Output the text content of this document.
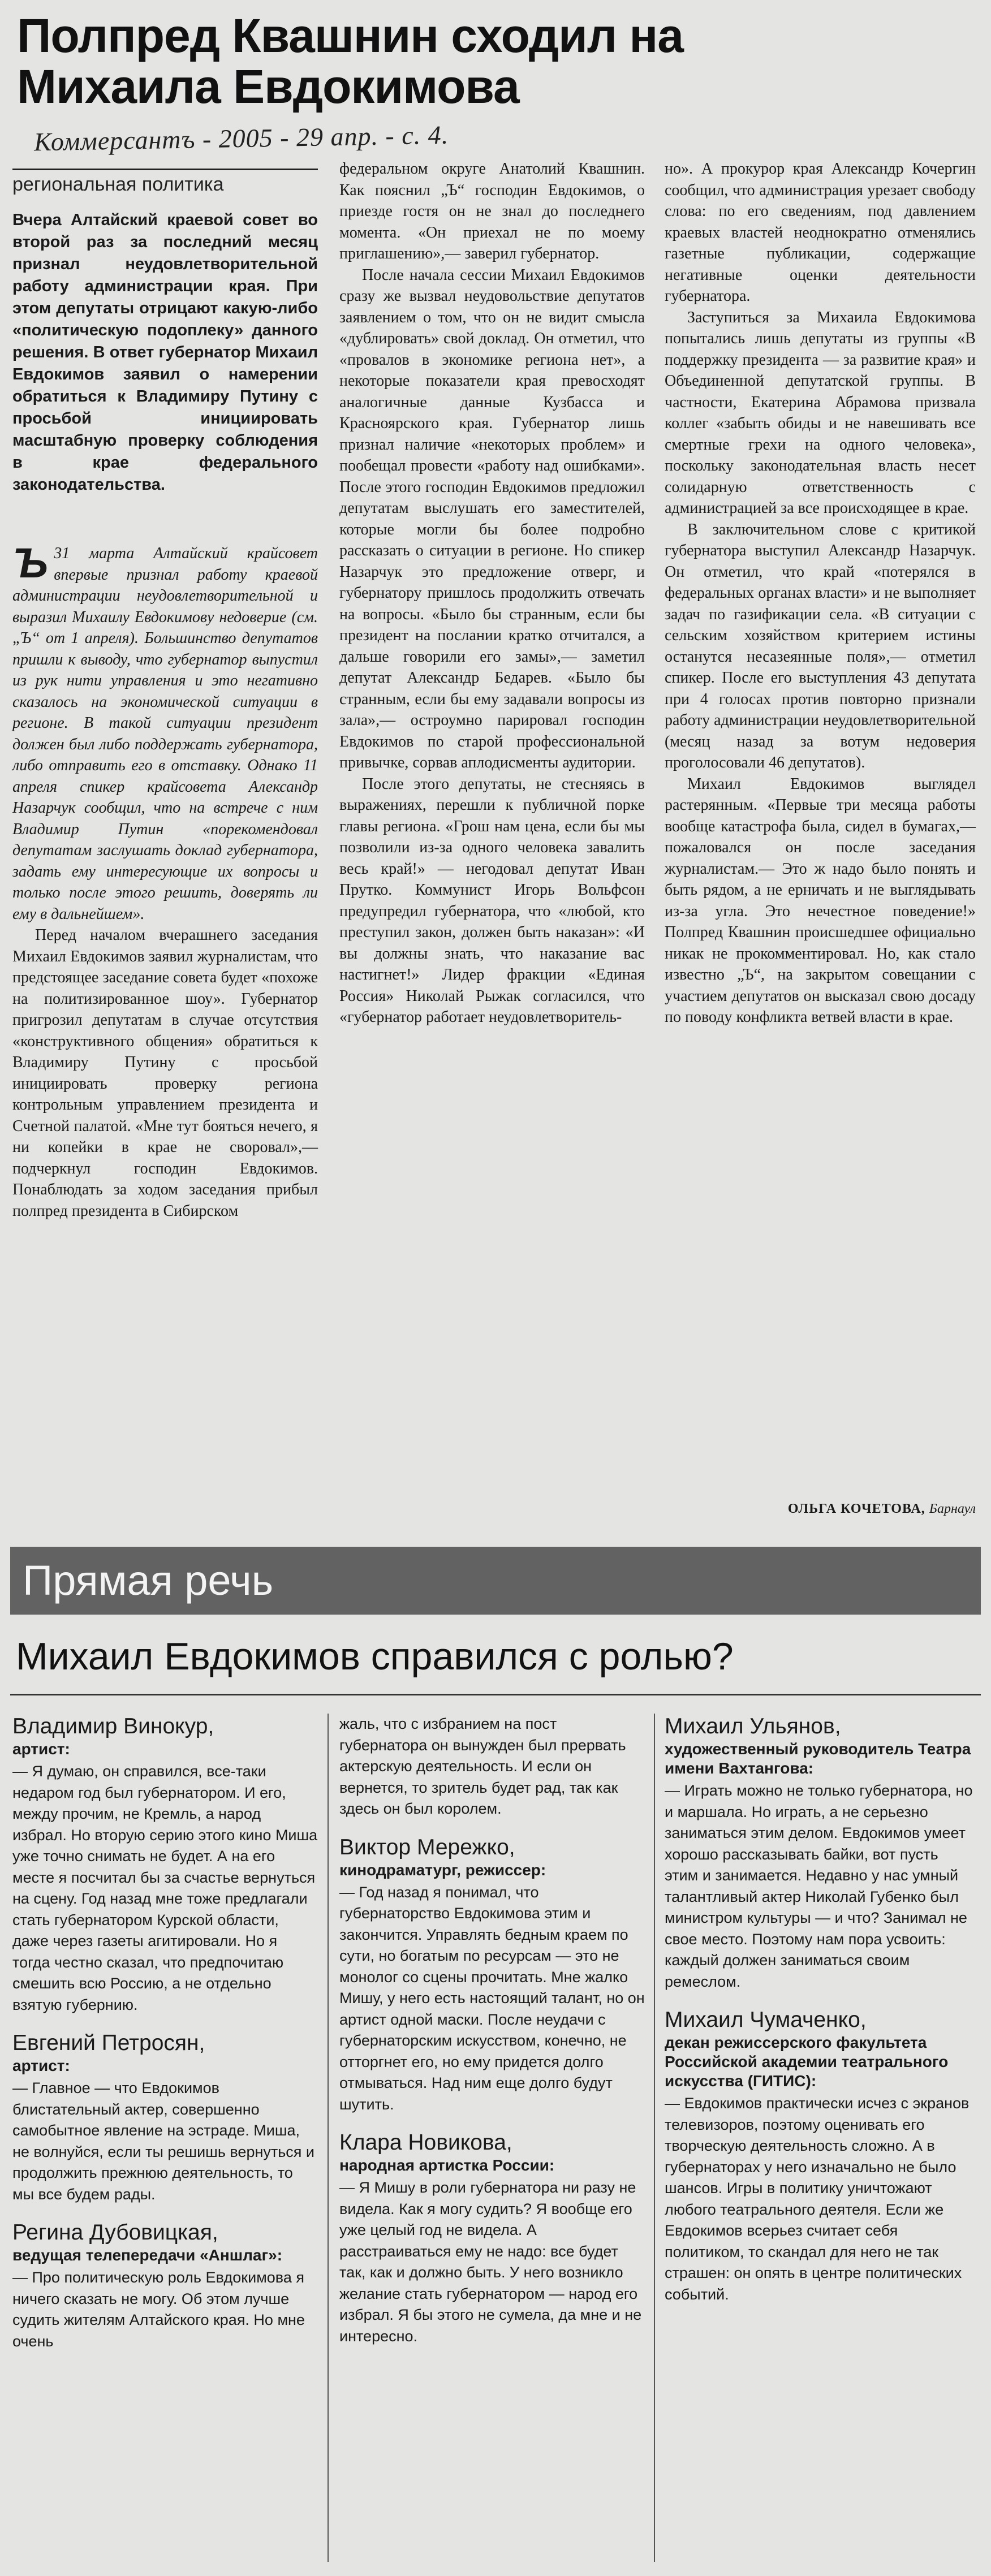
Полпред Квашнин сходил на Михаила Евдокимова
Коммерсантъ - 2005 - 29 апр. - с. 4.
региональная политика

Вчера Алтайский краевой совет во второй раз за последний месяц признал неудовлетворительной работу администрации края. При этом депутаты отрицают какую-либо «политическую подоплеку» данного решения. В ответ губернатор Михаил Евдокимов заявил о намерении обратиться к Владимиру Путину с просьбой инициировать масштабную проверку соблюдения в крае федерального законодательства.

Ъ 31 марта Алтайский крайсовет впервые признал работу краевой администрации неудовлетворительной и выразил Михаилу Евдокимову недоверие (см. „Ъ“ от 1 апреля). Большинство депутатов пришли к выводу, что губернатор выпустил из рук нити управления и это негативно сказалось на экономической ситуации в регионе. В такой ситуации президент должен был либо поддержать губернатора, либо отправить его в отставку. Однако 11 апреля спикер крайсовета Александр Назарчук сообщил, что на встрече с ним Владимир Путин «порекомендовал депутатам заслушать доклад губернатора, задать ему интересующие их вопросы и только после этого решить, доверять ли ему в дальнейшем».

Перед началом вчерашнего заседания Михаил Евдокимов заявил журналистам, что предстоящее заседание совета будет «похоже на политизированное шоу». Губернатор пригрозил депутатам в случае отсутствия «конструктивного общения» обратиться к Владимиру Путину с просьбой инициировать проверку региона контрольным управлением президента и Счетной палатой. «Мне тут бояться нечего, я ни копейки в крае не своровал»,— подчеркнул господин Евдокимов. Понаблюдать за ходом заседания прибыл полпред президента в Сибирском

федеральном округе Анатолий Квашнин. Как пояснил „Ъ“ господин Евдокимов, о приезде гостя он не знал до последнего момента. «Он приехал не по моему приглашению»,— заверил губернатор.

После начала сессии Михаил Евдокимов сразу же вызвал неудовольствие депутатов заявлением о том, что он не видит смысла «дублировать» свой доклад. Он отметил, что «провалов в экономике региона нет», а некоторые показатели края превосходят аналогичные данные Кузбасса и Красноярского края. Губернатор лишь признал наличие «некоторых проблем» и пообещал провести «работу над ошибками». После этого господин Евдокимов предложил депутатам выслушать его заместителей, которые могли бы более подробно рассказать о ситуации в регионе. Но спикер Назарчук это предложение отверг, и губернатору пришлось продолжить отвечать на вопросы. «Было бы странным, если бы президент на послании кратко отчитался, а дальше говорили его замы»,— заметил депутат Александр Бедарев. «Было бы странным, если бы ему задавали вопросы из зала»,— остроумно парировал господин Евдокимов по старой профессиональной привычке, сорвав аплодисменты аудитории.

После этого депутаты, не стесняясь в выражениях, перешли к публичной порке главы региона. «Грош нам цена, если бы мы позволили из-за одного человека завалить весь край!» — негодовал депутат Иван Прутко. Коммунист Игорь Вольфсон предупредил губернатора, что «любой, кто преступил закон, должен быть наказан»: «И вы должны знать, что наказание вас настигнет!» Лидер фракции «Единая Россия» Николай Рыжак согласился, что «губернатор работает неудовлетворитель-

но». А прокурор края Александр Кочергин сообщил, что администрация урезает свободу слова: по его сведениям, под давлением краевых властей неоднократно отменялись газетные публикации, содержащие негативные оценки деятельности губернатора.

Заступиться за Михаила Евдокимова попытались лишь депутаты из группы «В поддержку президента — за развитие края» и Объединенной депутатской группы. В частности, Екатерина Абрамова призвала коллег «забыть обиды и не навешивать все смертные грехи на одного человека», поскольку законодательная власть несет солидарную ответственность с администрацией за все происходящее в крае.

В заключительном слове с критикой губернатора выступил Александр Назарчук. Он отметил, что край «потерялся в федеральных органах власти» и не выполняет задач по газификации села. «В ситуации с сельским хозяйством критерием истины останутся несазеянные поля»,— отметил спикер. После его выступления 43 депутата при 4 голосах против повторно признали работу администрации неудовлетворительной (месяц назад за вотум недоверия проголосовали 46 депутатов).

Михаил Евдокимов выглядел растерянным. «Первые три месяца работы вообще катастрофа была, сидел в бумагах,— пожаловался он после заседания журналистам.— Это ж надо было понять и быть рядом, а не ерничать и не выглядывать из-за угла. Это нечестное поведение!» Полпред Квашнин происшедшее официально никак не прокомментировал. Но, как стало известно „Ъ“, на закрытом совещании с участием депутатов он высказал свою досаду по поводу конфликта ветвей власти в крае.

ОЛЬГА КОЧЕТОВА, Барнаул
Прямая речь
Михаил Евдокимов справился с ролью?

Владимир Винокур,

артист:

— Я думаю, он справился, все-таки недаром год был губернатором. И его, между прочим, не Кремль, а народ избрал. Но вторую серию этого кино Миша уже точно снимать не будет. А на его месте я посчитал бы за счастье вернуться на сцену. Год назад мне тоже предлагали стать губернатором Курской области, даже через газеты агитировали. Но я тогда честно сказал, что предпочитаю смешить всю Россию, а не отдельно взятую губернию.

Евгений Петросян,

артист:

— Главное — что Евдокимов блистательный актер, совершенно самобытное явление на эстраде. Миша, не волнуйся, если ты решишь вернуться и продолжить прежнюю деятельность, то мы все будем рады.

Регина Дубовицкая,

ведущая телепередачи «Аншлаг»:

— Про политическую роль Евдокимова я ничего сказать не могу. Об этом лучше судить жителям Алтайского края. Но мне очень

жаль, что с избранием на пост губернатора он вынужден был прервать актерскую деятельность. И если он вернется, то зритель будет рад, так как здесь он был королем.

Виктор Мережко,

кинодраматург, режиссер:

— Год назад я понимал, что губернаторство Евдокимова этим и закончится. Управлять бедным краем по сути, но богатым по ресурсам — это не монолог со сцены прочитать. Мне жалко Мишу, у него есть настоящий талант, но он артист одной маски. После неудачи с губернаторским искусством, конечно, не отторгнет его, но ему придется долго отмываться. Над ним еще долго будут шутить.

Клара Новикова,

народная артистка России:

— Я Мишу в роли губернатора ни разу не видела. Как я могу судить? Я вообще его уже целый год не видела. А расстраиваться ему не надо: все будет так, как и должно быть. У него возникло желание стать губернатором — народ его избрал. Я бы этого не сумела, да мне и не интересно.

Михаил Ульянов,

художественный руководитель Театра имени Вахтангова:

— Играть можно не только губернатора, но и маршала. Но играть, а не серьезно заниматься этим делом. Евдокимов умеет хорошо рассказывать байки, вот пусть этим и занимается. Недавно у нас умный талантливый актер Николай Губенко был министром культуры — и что? Занимал не свое место. Поэтому нам пора усвоить: каждый должен заниматься своим ремеслом.

Михаил Чумаченко,

декан режиссерского факультета Российской академии театрального искусства (ГИТИС):

— Евдокимов практически исчез с экранов телевизоров, поэтому оценивать его творческую деятельность сложно. А в губернаторах у него изначально не было шансов. Игры в политику уничтожают любого театрального деятеля. Если же Евдокимов всерьез считает себя политиком, то скандал для него не так страшен: он опять в центре политических событий.
